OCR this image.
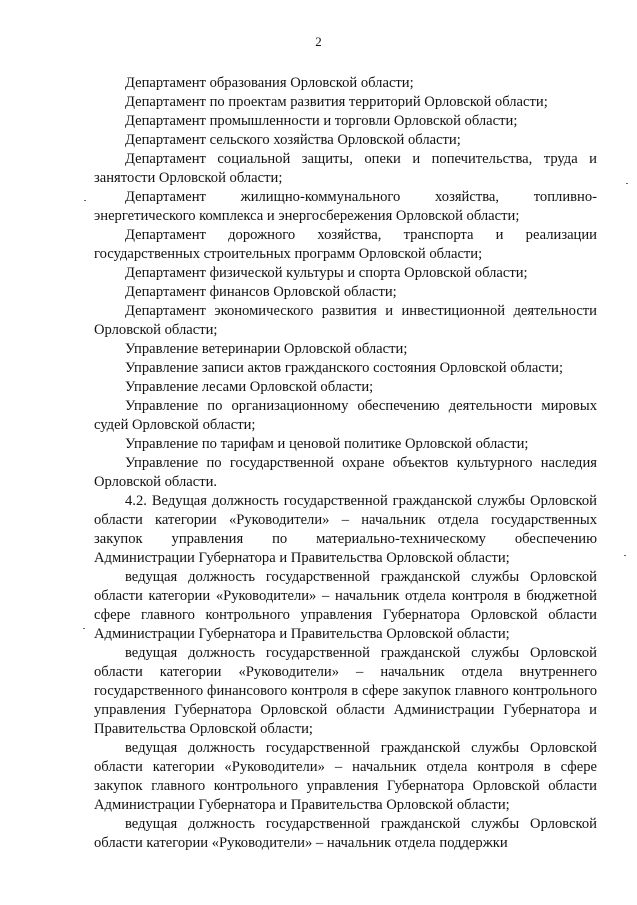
2

Департамент образования Орловской области;

Департамент по проектам развития территорий Орловской области;

Департамент промышленности и торговли Орловской области;

Департамент сельского хозяйства Орловской области;

Департамент социальной защиты, опеки и попечительства, труда и занятости Орловской области;

Департамент жилищно-коммунального хозяйства, топливно-энергетического комплекса и энергосбережения Орловской области;

Департамент дорожного хозяйства, транспорта и реализации государственных строительных программ Орловской области;

Департамент физической культуры и спорта Орловской области;

Департамент финансов Орловской области;

Департамент экономического развития и инвестиционной деятельности Орловской области;

Управление ветеринарии Орловской области;

Управление записи актов гражданского состояния Орловской области;

Управление лесами Орловской области;

Управление по организационному обеспечению деятельности мировых судей Орловской области;

Управление по тарифам и ценовой политике Орловской области;

Управление по государственной охране объектов культурного наследия Орловской области.

4.2. Ведущая должность государственной гражданской службы Орловской области категории «Руководители» – начальник отдела государственных закупок управления по материально-техническому обеспечению Администрации Губернатора и Правительства Орловской области;

ведущая должность государственной гражданской службы Орловской области категории «Руководители» – начальник отдела контроля в бюджетной сфере главного контрольного управления Губернатора Орловской области Администрации Губернатора и Правительства Орловской области;

ведущая должность государственной гражданской службы Орловской области категории «Руководители» – начальник отдела внутреннего государственного финансового контроля в сфере закупок главного контрольного управления Губернатора Орловской области Администрации Губернатора и Правительства Орловской области;

ведущая должность государственной гражданской службы Орловской области категории «Руководители» – начальник отдела контроля в сфере закупок главного контрольного управления Губернатора Орловской области Администрации Губернатора и Правительства Орловской области;

ведущая должность государственной гражданской службы Орловской области категории «Руководители» – начальник отдела поддержки
